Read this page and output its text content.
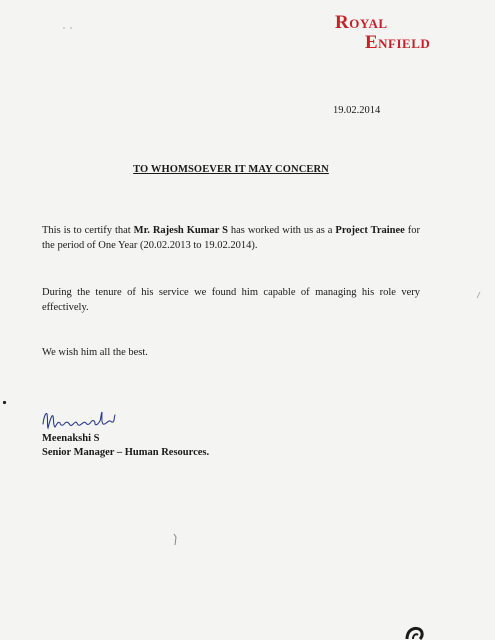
Royal
Enfield
19.02.2014
TO WHOMSOEVER IT MAY CONCERN
This is to certify that Mr. Rajesh Kumar S has worked with us as a Project Trainee for the period of One Year (20.02.2013 to 19.02.2014).
During the tenure of his service we found him capable of managing his role very effectively.
We wish him all the best.
Meenakshi S
Senior Manager – Human Resources.
